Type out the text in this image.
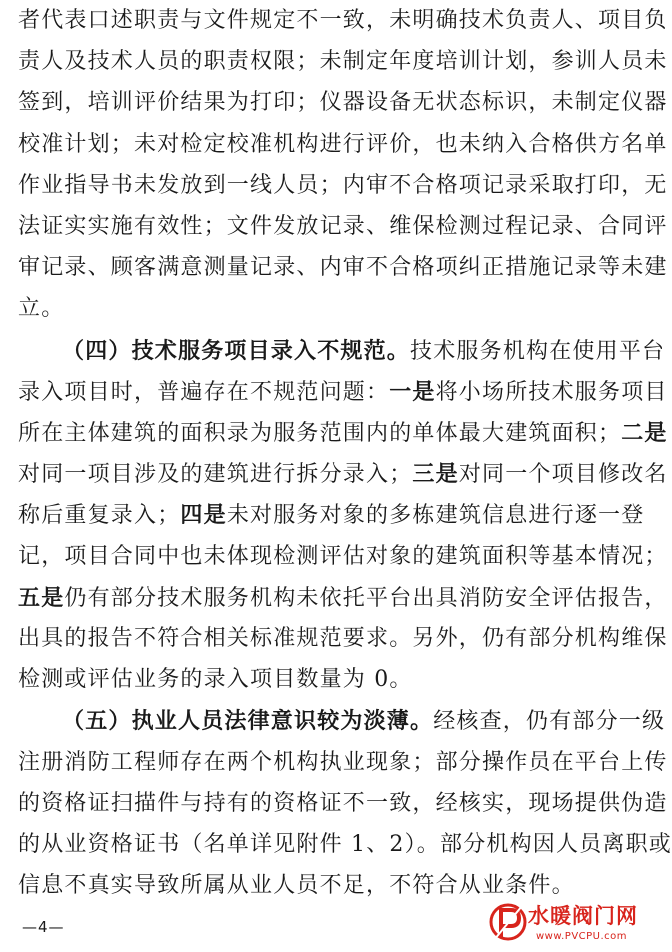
者代表口述职责与文件规定不一致，未明确技术负责人、项目负
责人及技术人员的职责权限；未制定年度培训计划，参训人员未
签到，培训评价结果为打印；仪器设备无状态标识，未制定仪器
校准计划；未对检定校准机构进行评价，也未纳入合格供方名单
作业指导书未发放到一线人员；内审不合格项记录采取打印，无
法证实实施有效性；文件发放记录、维保检测过程记录、合同评
审记录、顾客满意测量记录、内审不合格项纠正措施记录等未建
立。
（四）技术服务项目录入不规范。技术服务机构在使用平台
录入项目时，普遍存在不规范问题：一是将小场所技术服务项目
所在主体建筑的面积录为服务范围内的单体最大建筑面积；二是
对同一项目涉及的建筑进行拆分录入；三是对同一个项目修改名
称后重复录入；四是未对服务对象的多栋建筑信息进行逐一登
记，项目合同中也未体现检测评估对象的建筑面积等基本情况；
五是仍有部分技术服务机构未依托平台出具消防安全评估报告，
出具的报告不符合相关标准规范要求。另外，仍有部分机构维保
检测或评估业务的录入项目数量为 0。
（五）执业人员法律意识较为淡薄。经核查，仍有部分一级
注册消防工程师存在两个机构执业现象；部分操作员在平台上传
的资格证扫描件与持有的资格证不一致，经核实，现场提供伪造
的从业资格证书（名单详见附件 1、2）。部分机构因人员离职或
信息不真实导致所属从业人员不足，不符合从业条件。
—4—	水暖阀门网
www.PVCPU.com
